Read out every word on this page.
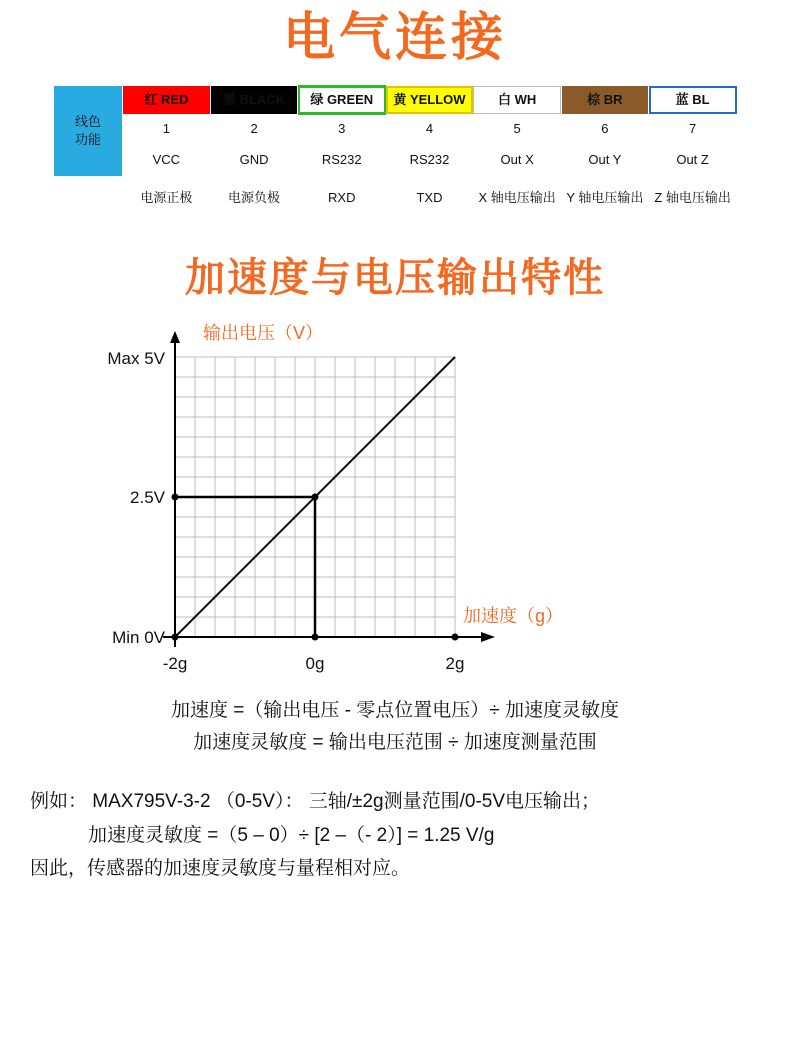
电气连接
线色
功能	红 RED	黑 BLACK	绿 GREEN	黄 YELLOW	白 WH	棕 BR	蓝 BL
	1	2	3	4	5	6	7
	VCC	GND	RS232	RS232	Out X	Out Y	Out Z
	电源正极	电源负极	RXD	TXD	X 轴电压输出	Y 轴电压输出	Z 轴电压输出
加速度与电压输出特性
输出电压（V）
加速度（g）
Max 5V
2.5V
Min 0V
-2g	0g	2g
加速度 =（输出电压 - 零点位置电压）÷ 加速度灵敏度
加速度灵敏度 = 输出电压范围 ÷ 加速度测量范围
例如： MAX795V-3-2 （0-5V）： 三轴/±2g测量范围/0-5V电压输出；
加速度灵敏度 =（5 – 0）÷ [2 –（- 2）] = 1.25 V/g
因此，传感器的加速度灵敏度与量程相对应。
